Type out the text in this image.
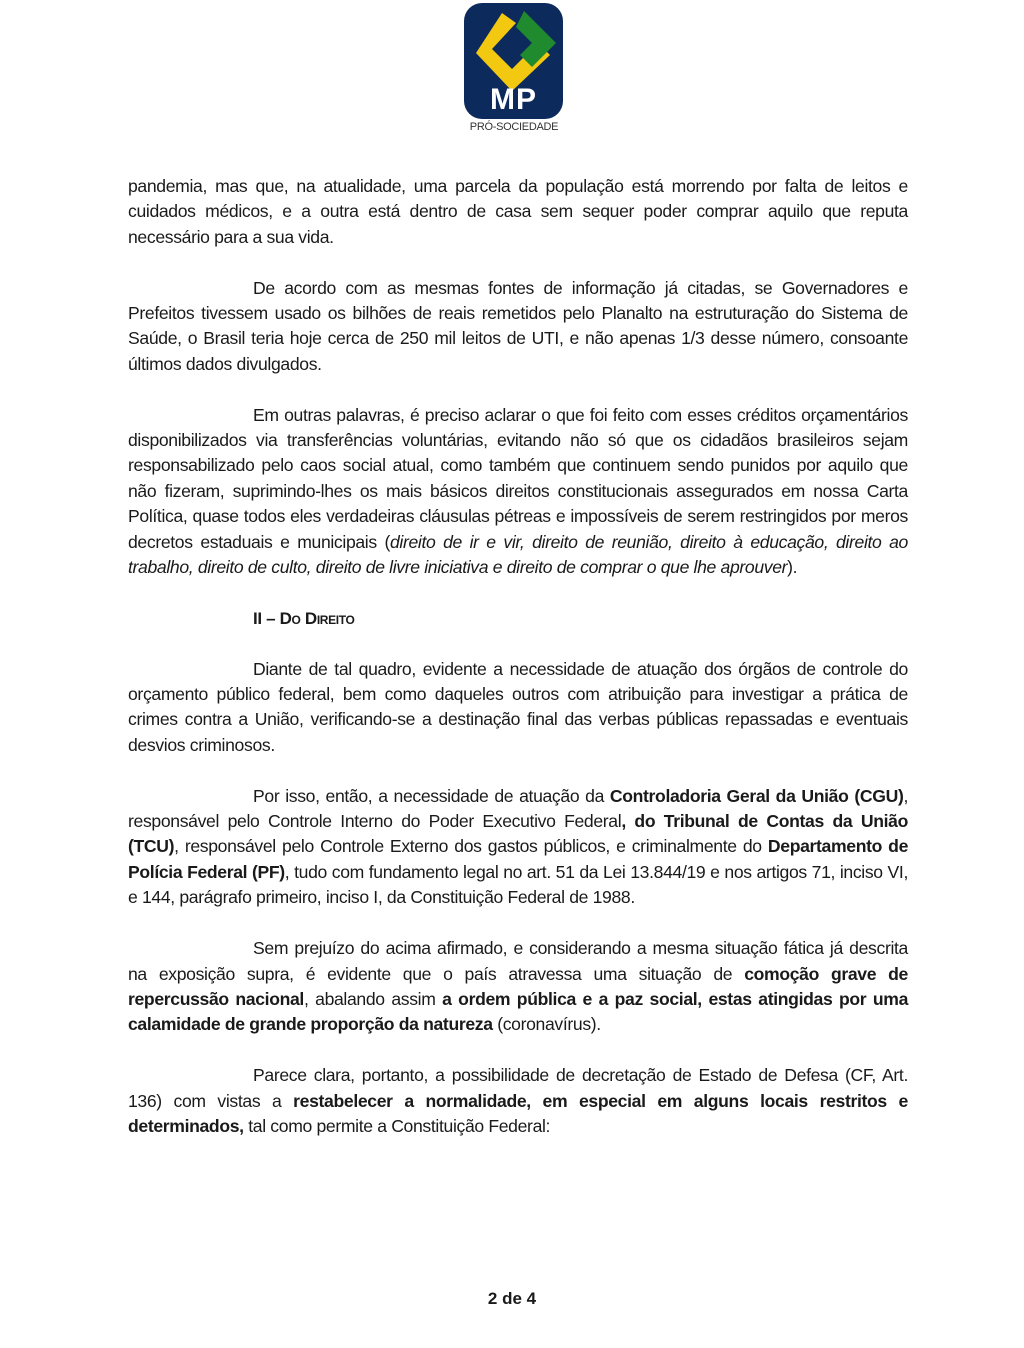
MP
PRÓ-SOCIEDADE

pandemia, mas que, na atualidade, uma parcela da população está morrendo por falta de leitos e cuidados médicos, e a outra está dentro de casa sem sequer poder comprar aquilo que reputa necessário para a sua vida.

De acordo com as mesmas fontes de informação já citadas, se Governadores e Prefeitos tivessem usado os bilhões de reais remetidos pelo Planalto na estruturação do Sistema de Saúde, o Brasil teria hoje cerca de 250 mil leitos de UTI, e não apenas 1/3 desse número, consoante últimos dados divulgados.

Em outras palavras, é preciso aclarar o que foi feito com esses créditos orçamentários disponibilizados via transferências voluntárias, evitando não só que os cidadãos brasileiros sejam responsabilizado pelo caos social atual, como também que continuem sendo punidos por aquilo que não fizeram, suprimindo-lhes os mais básicos direitos constitucionais assegurados em nossa Carta Política, quase todos eles verdadeiras cláusulas pétreas e impossíveis de serem restringidos por meros decretos estaduais e municipais (direito de ir e vir, direito de reunião, direito à educação, direito ao trabalho, direito de culto, direito de livre iniciativa e direito de comprar o que lhe aprouver).

II – Do Direito

Diante de tal quadro, evidente a necessidade de atuação dos órgãos de controle do orçamento público federal, bem como daqueles outros com atribuição para investigar a prática de crimes contra a União, verificando-se a destinação final das verbas públicas repassadas e eventuais desvios criminosos.

Por isso, então, a necessidade de atuação da Controladoria Geral da União (CGU), responsável pelo Controle Interno do Poder Executivo Federal, do Tribunal de Contas da União (TCU), responsável pelo Controle Externo dos gastos públicos, e criminalmente do Departamento de Polícia Federal (PF), tudo com fundamento legal no art. 51 da Lei 13.844/19 e nos artigos 71, inciso VI, e 144, parágrafo primeiro, inciso I, da Constituição Federal de 1988.

Sem prejuízo do acima afirmado, e considerando a mesma situação fática já descrita na exposição supra, é evidente que o país atravessa uma situação de comoção grave de repercussão nacional, abalando assim a ordem pública e a paz social, estas atingidas por uma calamidade de grande proporção da natureza (coronavírus).

Parece clara, portanto, a possibilidade de decretação de Estado de Defesa (CF, Art. 136) com vistas a restabelecer a normalidade, em especial em alguns locais restritos e determinados, tal como permite a Constituição Federal:

2 de 4
